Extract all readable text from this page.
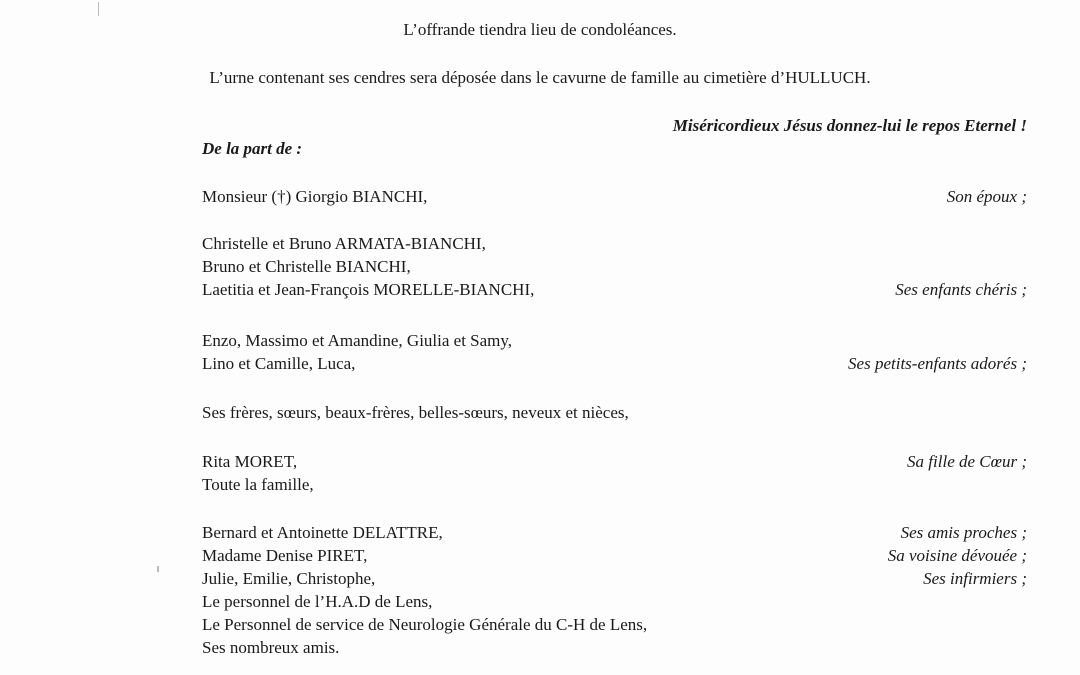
L’offrande tiendra lieu de condoléances.
L’urne contenant ses cendres sera déposée dans le cavurne de famille au cimetière d’HULLUCH.
Miséricordieux Jésus donnez-lui le repos Eternel !
De la part de :
Monsieur (†) Giorgio BIANCHI,	Son époux ;
Christelle et Bruno ARMATA-BIANCHI,
Bruno et Christelle BIANCHI,
Laetitia et Jean-François MORELLE-BIANCHI,	Ses enfants chéris ;
Enzo, Massimo et Amandine, Giulia et Samy,
Lino et Camille, Luca,	Ses petits-enfants adorés ;
Ses frères, sœurs, beaux-frères, belles-sœurs, neveux et nièces,
Rita MORET,	Sa fille de Cœur ;
Toute la famille,
Bernard et Antoinette DELATTRE,	Ses amis proches ;
Madame Denise PIRET,	Sa voisine dévouée ;
Julie, Emilie, Christophe,	Ses infirmiers ;
Le personnel de l’H.A.D de Lens,
Le Personnel de service de Neurologie Générale du C-H de Lens,
Ses nombreux amis.
